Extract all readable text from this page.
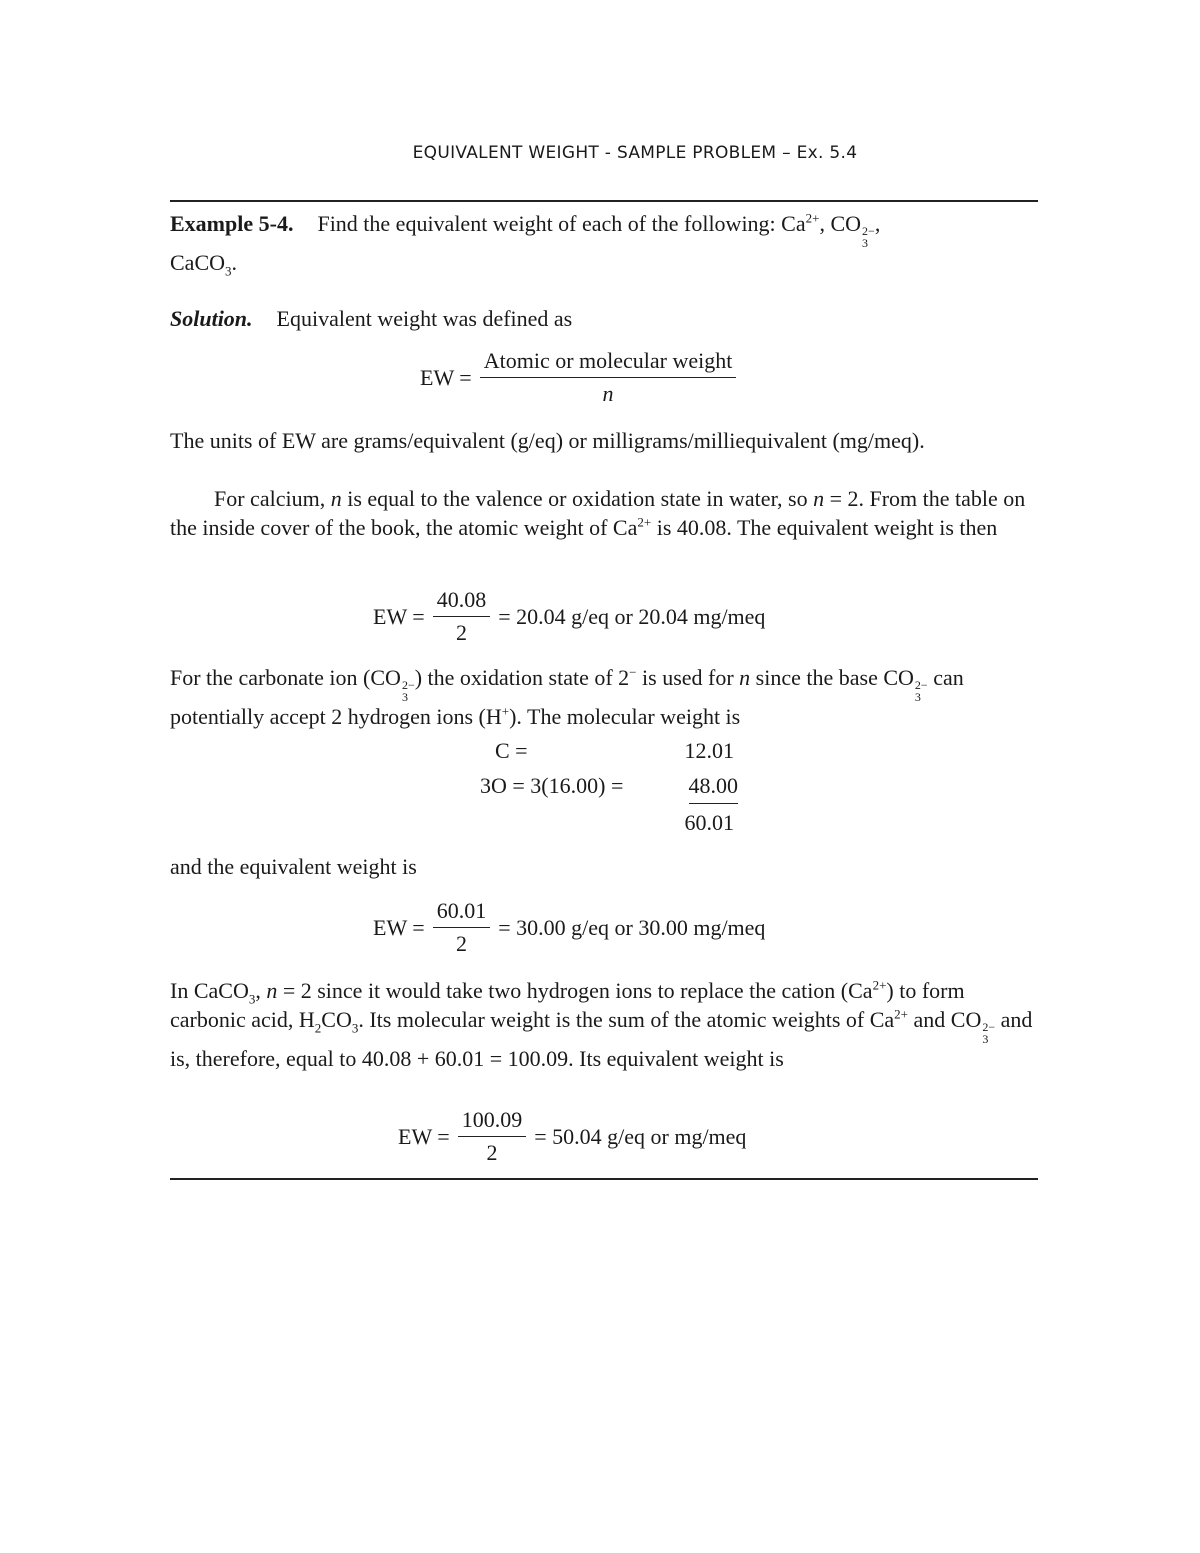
EQUIVALENT WEIGHT - SAMPLE PROBLEM – Ex. 5.4
Example 5-4. Find the equivalent weight of each of the following: $Ca^{2+}$, CO 2−
3
,
CaCO$_3$.
Solution. Equivalent weight was defined as
EW = $\frac{\text{Atomic or molecular weight}}{n}$
The units of EW are grams/equivalent (g/eq) or milligrams/milliequivalent (mg/meq).
For calcium, n is equal to the valence or oxidation state in water, so n = 2. From the table on the inside cover of the book, the atomic weight of $Ca^{2+}$ is 40.08. The equivalent weight is then
EW = $\frac{40.08}{2} = 20.04$ g/eq or 20.04 mg/meq
For the carbonate ion (CO 2−
3
) the oxidation state of 2− is used for n since the base CO 2−
3
can potentially accept 2 hydrogen ions (H+). The molecular weight is
C =	12.01
3O = 3(16.00) =	48.00
60.01
and the equivalent weight is
EW = $\frac{60.01}{2} = 30.00$ g/eq or 30.00 mg/meq
In CaCO$_3$, n = 2 since it would take two hydrogen ions to replace the cation $(Ca^{2+})$ to form carbonic acid, $H_2CO_3$. Its molecular weight is the sum of the atomic weights of $Ca^{2+}$ and CO 2−
3
and is, therefore, equal to 40.08 + 60.01 = 100.09. Its equivalent weight is
EW = $\frac{100.09}{2} = 50.04$ g/eq or mg/meq
